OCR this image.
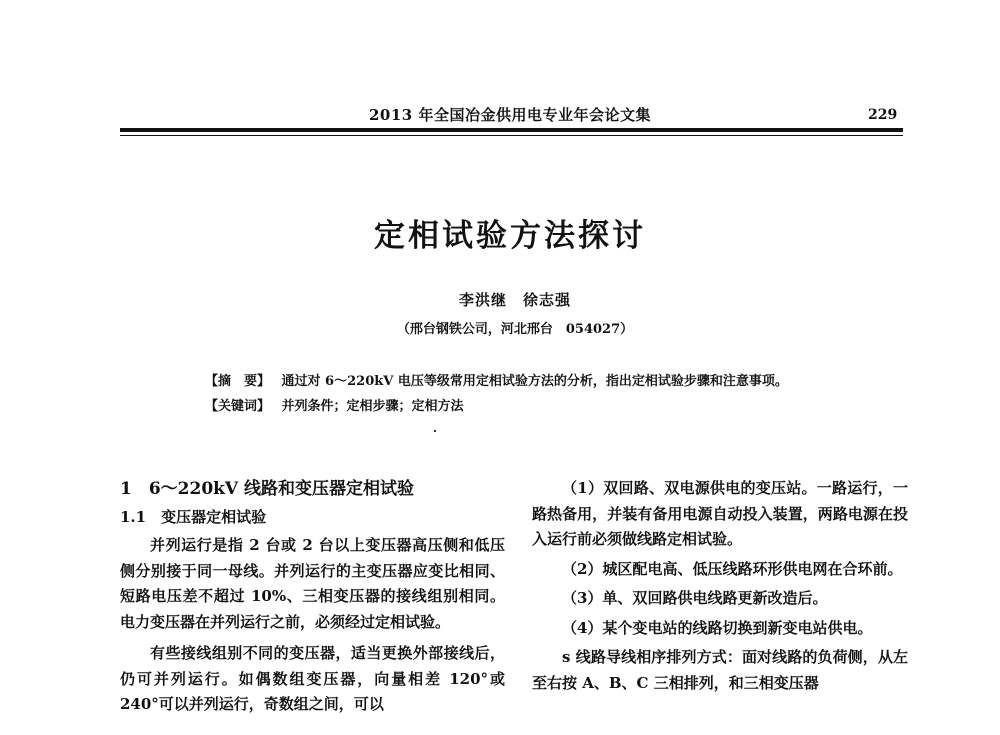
2013 年全国冶金供用电专业年会论文集	229
定相试验方法探讨
李洪继　徐志强
（邢台钢铁公司，河北邢台　054027）
【摘　要】 通过对 6～220kV 电压等级常用定相试验方法的分析，指出定相试验步骤和注意事项。
【关键词】 并列条件；定相步骤；定相方法
1　6～220kV 线路和变压器定相试验
1.1　变压器定相试验

并列运行是指 2 台或 2 台以上变压器高压侧和低压侧分别接于同一母线。并列运行的主变压器应变比相同、短路电压差不超过 10%、三相变压器的接线组别相同。电力变压器在并列运行之前，必须经过定相试验。

有些接线组别不同的变压器，适当更换外部接线后，仍可并列运行。如偶数组变压器，向量相差 120°或 240°可以并列运行，奇数组之间，可以

（1）双回路、双电源供电的变压站。一路运行，一路热备用，并装有备用电源自动投入装置，两路电源在投入运行前必须做线路定相试验。

（2）城区配电高、低压线路环形供电网在合环前。

（3）单、双回路供电线路更新改造后。

（4）某个变电站的线路切换到新变电站供电。

s 线路导线相序排列方式：面对线路的负荷侧，从左至右按 A、B、C 三相排列，和三相变压器
